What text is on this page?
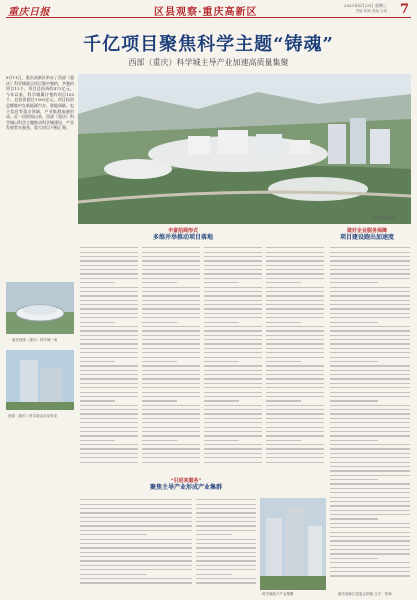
重庆日报	区县观察·重庆高新区
2023年8月23日 星期三
责编 张海 美编 石梁 7
千亿项目聚焦科学主题“铸魂”
西部（重庆）科学城主导产业加速高质量集聚
8月11日，重庆高新区举办了西部（重庆）科学城重点项目集中签约，共签约项目11个，项目总投资约472亿元。今年以来，科学城累计签约项目100个，总投资超过1500亿元。项目投资总额集中在新能源汽车、智能网联、电子信息等重点领域，产业集群加速形成。近一段时间以来，西部（重庆）科学城以科学主题推动科学城建设，产业发展势头强劲，重大项目不断汇聚。
科学城创新生态
丰富招商形式
多维并举推动项目落地
做好企业服务保障
项目建设跑出加速度
重庆西部（重庆）科学城一角
西部（重庆）科学城金凤实验室
“引进来服务”
聚焦主导产业形成产业集群
科学城新兴产业集聚	重庆高新区管委会供稿 文字：张海
